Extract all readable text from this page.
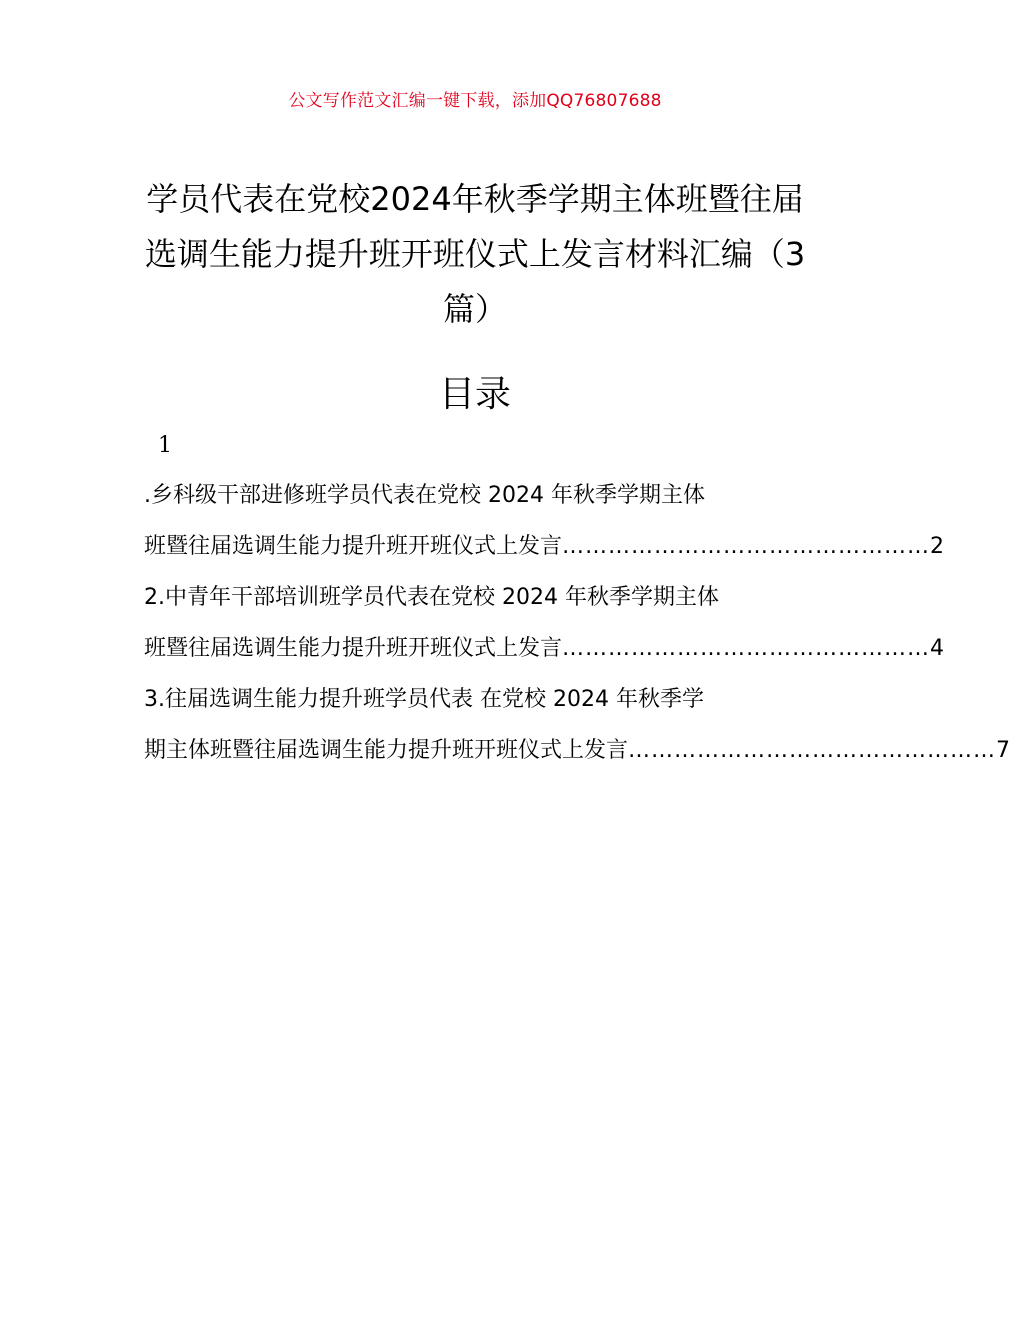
公文写作范文汇编一键下载，添加QQ76807688
学员代表在党校2024年秋季学期主体班暨往届选调生能力提升班开班仪式上发言材料汇编（3篇）
目录
1
.乡科级干部进修班学员代表在党校 2024 年秋季学期主体
班暨往届选调生能力提升班开班仪式上发言 ………………………………………… 2
2.中青年干部培训班学员代表在党校 2024 年秋季学期主体
班暨往届选调生能力提升班开班仪式上发言 ………………………………………… 4
3.往届选调生能力提升班学员代表 在党校 2024 年秋季学
期主体班暨往届选调生能力提升班开班仪式上发言 ………………………………………… 7
